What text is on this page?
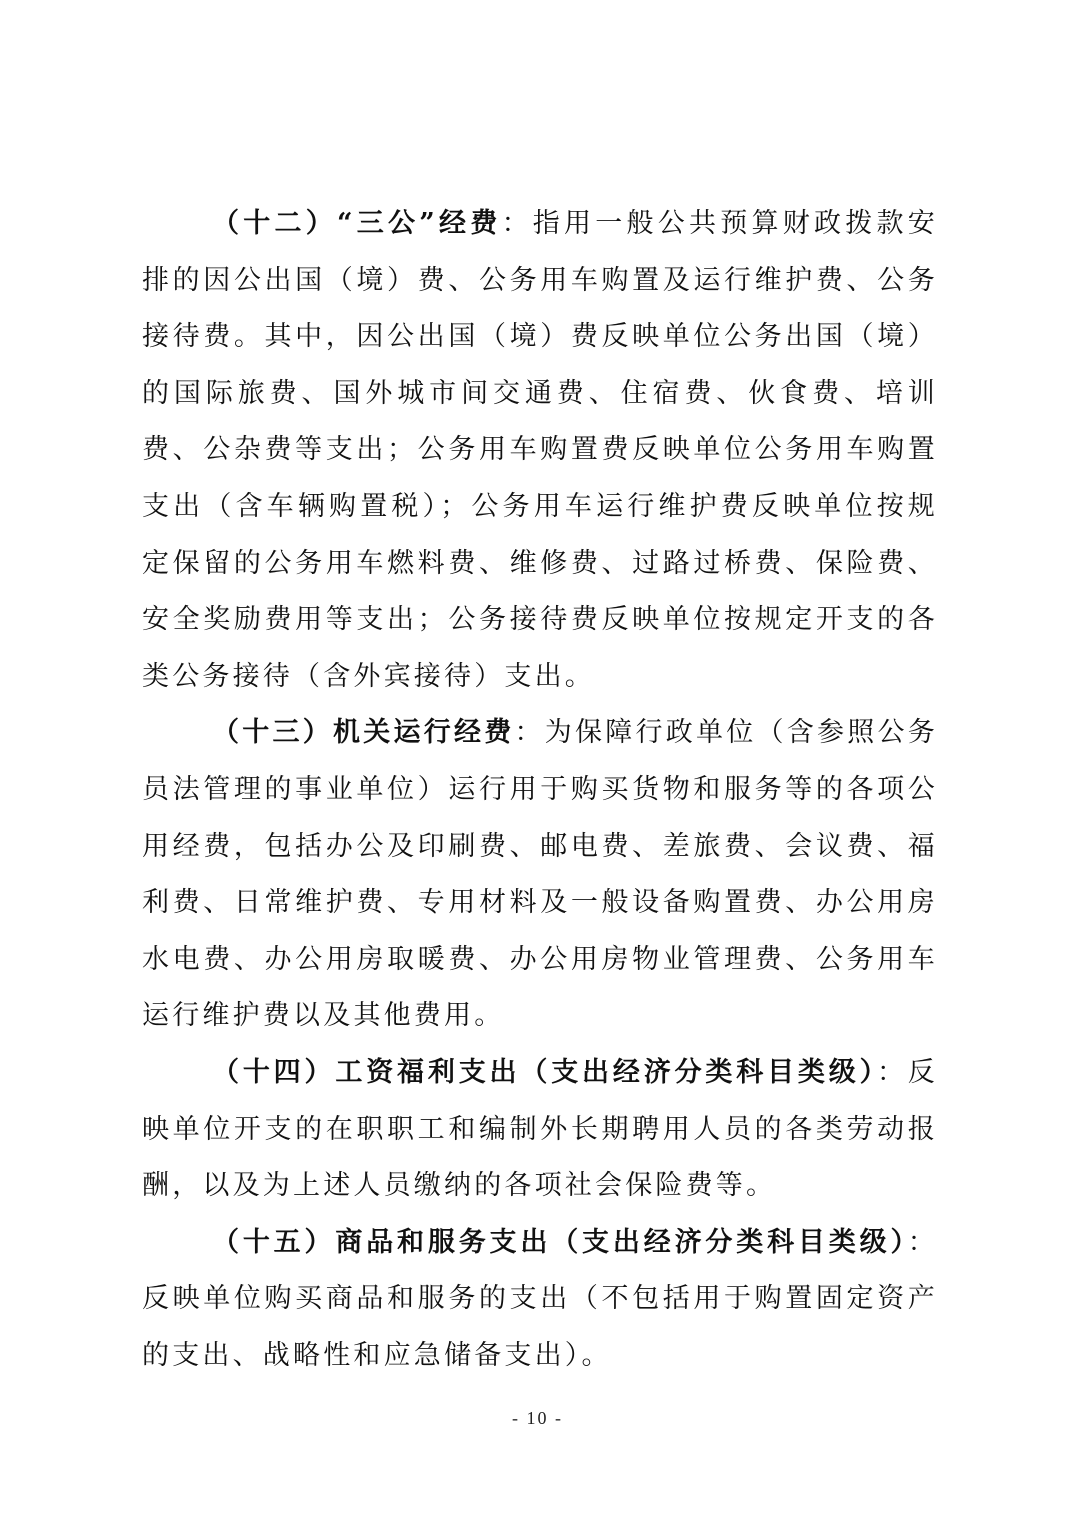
（十二）“三公”经费：指用一般公共预算财政拨款安排的因公出国（境）费、公务用车购置及运行维护费、公务接待费。其中，因公出国（境）费反映单位公务出国（境）的国际旅费、国外城市间交通费、住宿费、伙食费、培训费、公杂费等支出；公务用车购置费反映单位公务用车购置支出（含车辆购置税）；公务用车运行维护费反映单位按规定保留的公务用车燃料费、维修费、过路过桥费、保险费、安全奖励费用等支出；公务接待费反映单位按规定开支的各类公务接待（含外宾接待）支出。

（十三）机关运行经费：为保障行政单位（含参照公务员法管理的事业单位）运行用于购买货物和服务等的各项公用经费，包括办公及印刷费、邮电费、差旅费、会议费、福利费、日常维护费、专用材料及一般设备购置费、办公用房水电费、办公用房取暖费、办公用房物业管理费、公务用车运行维护费以及其他费用。

（十四）工资福利支出（支出经济分类科目类级）：反映单位开支的在职职工和编制外长期聘用人员的各类劳动报酬，以及为上述人员缴纳的各项社会保险费等。

（十五）商品和服务支出（支出经济分类科目类级）：反映单位购买商品和服务的支出（不包括用于购置固定资产的支出、战略性和应急储备支出）。

- 10 -
